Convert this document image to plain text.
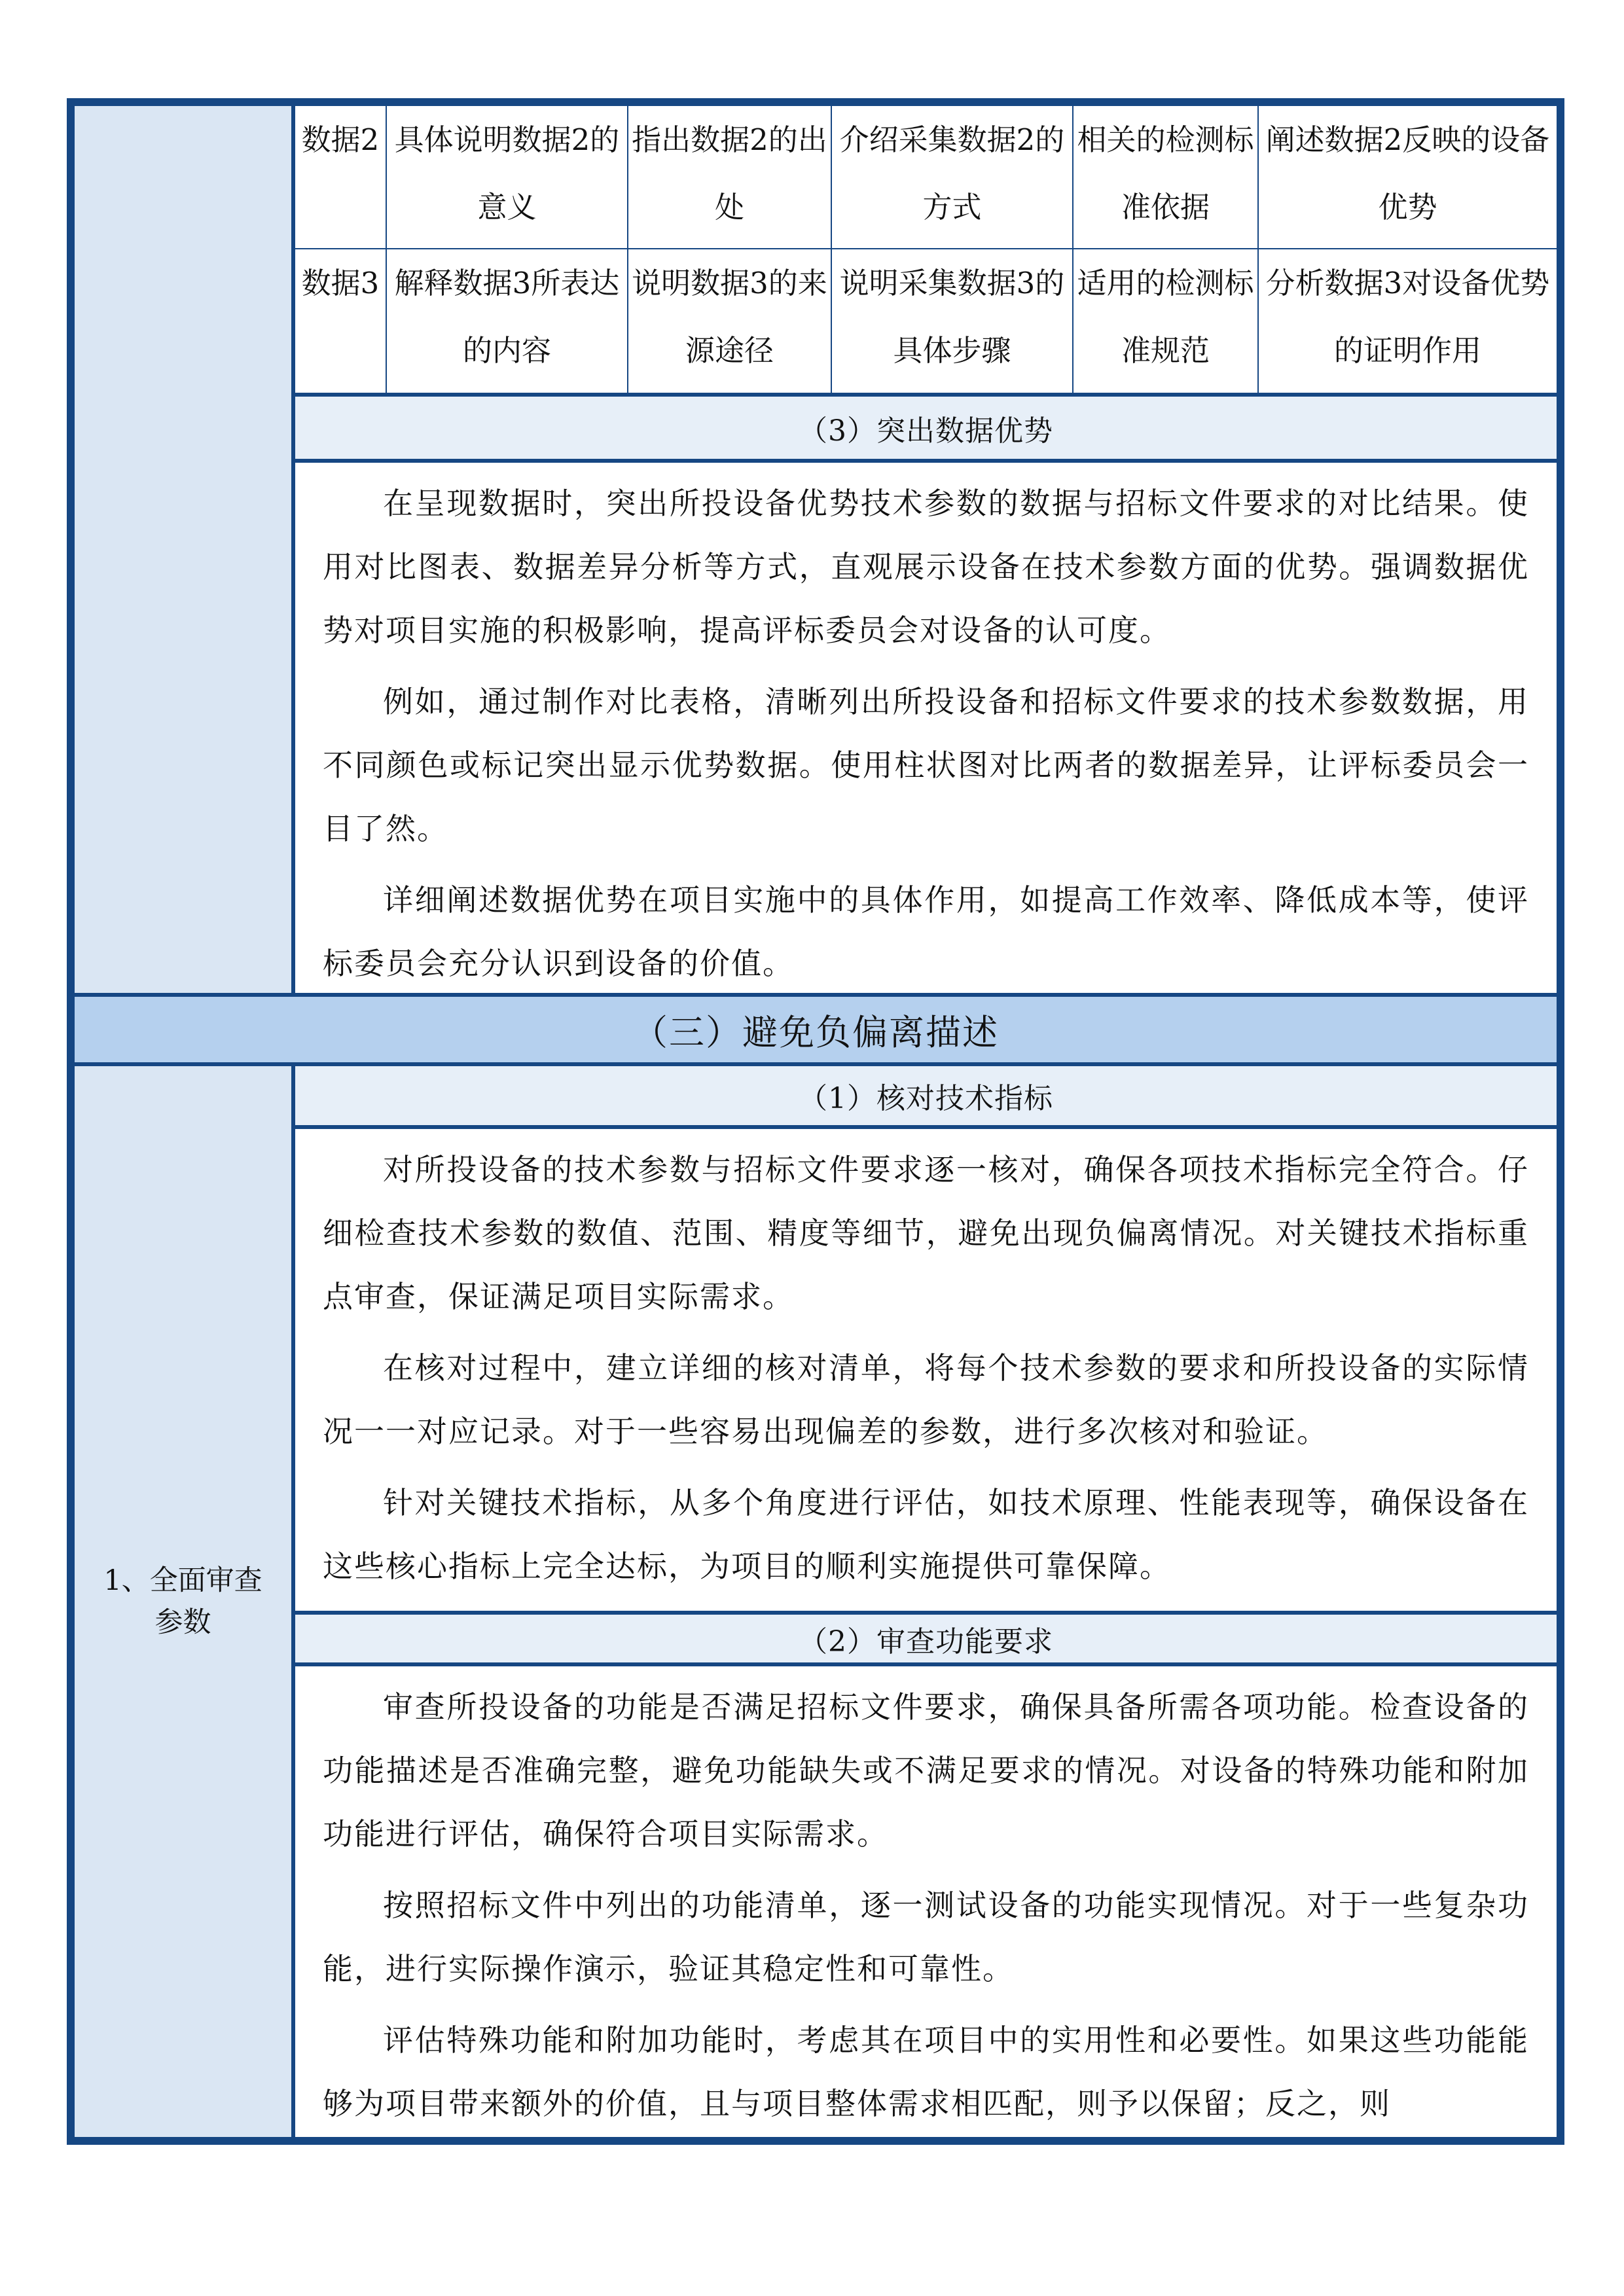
数据2	具体说明数据2的意义	指出数据2的出处	介绍采集数据2的方式	相关的检测标准依据	阐述数据2反映的设备优势
数据3	解释数据3所表达的内容	说明数据3的来源途径	说明采集数据3的具体步骤	适用的检测标准规范	分析数据3对设备优势的证明作用
（3）突出数据优势

在呈现数据时，突出所投设备优势技术参数的数据与招标文件要求的对比结果。使用对比图表、数据差异分析等方式，直观展示设备在技术参数方面的优势。强调数据优势对项目实施的积极影响，提高评标委员会对设备的认可度。

例如，通过制作对比表格，清晰列出所投设备和招标文件要求的技术参数数据，用不同颜色或标记突出显示优势数据。使用柱状图对比两者的数据差异，让评标委员会一目了然。

详细阐述数据优势在项目实施中的具体作用，如提高工作效率、降低成本等，使评标委员会充分认识到设备的价值。

（三）避免负偏离描述
1、全面审查参数
（1）核对技术指标

对所投设备的技术参数与招标文件要求逐一核对，确保各项技术指标完全符合。仔细检查技术参数的数值、范围、精度等细节，避免出现负偏离情况。对关键技术指标重点审查，保证满足项目实际需求。

在核对过程中，建立详细的核对清单，将每个技术参数的要求和所投设备的实际情况一一对应记录。对于一些容易出现偏差的参数，进行多次核对和验证。

针对关键技术指标，从多个角度进行评估，如技术原理、性能表现等，确保设备在这些核心指标上完全达标，为项目的顺利实施提供可靠保障。

（2）审查功能要求

审查所投设备的功能是否满足招标文件要求，确保具备所需各项功能。检查设备的功能描述是否准确完整，避免功能缺失或不满足要求的情况。对设备的特殊功能和附加功能进行评估，确保符合项目实际需求。

按照招标文件中列出的功能清单，逐一测试设备的功能实现情况。对于一些复杂功能，进行实际操作演示，验证其稳定性和可靠性。

评估特殊功能和附加功能时，考虑其在项目中的实用性和必要性。如果这些功能能够为项目带来额外的价值，且与项目整体需求相匹配，则予以保留；反之，则
